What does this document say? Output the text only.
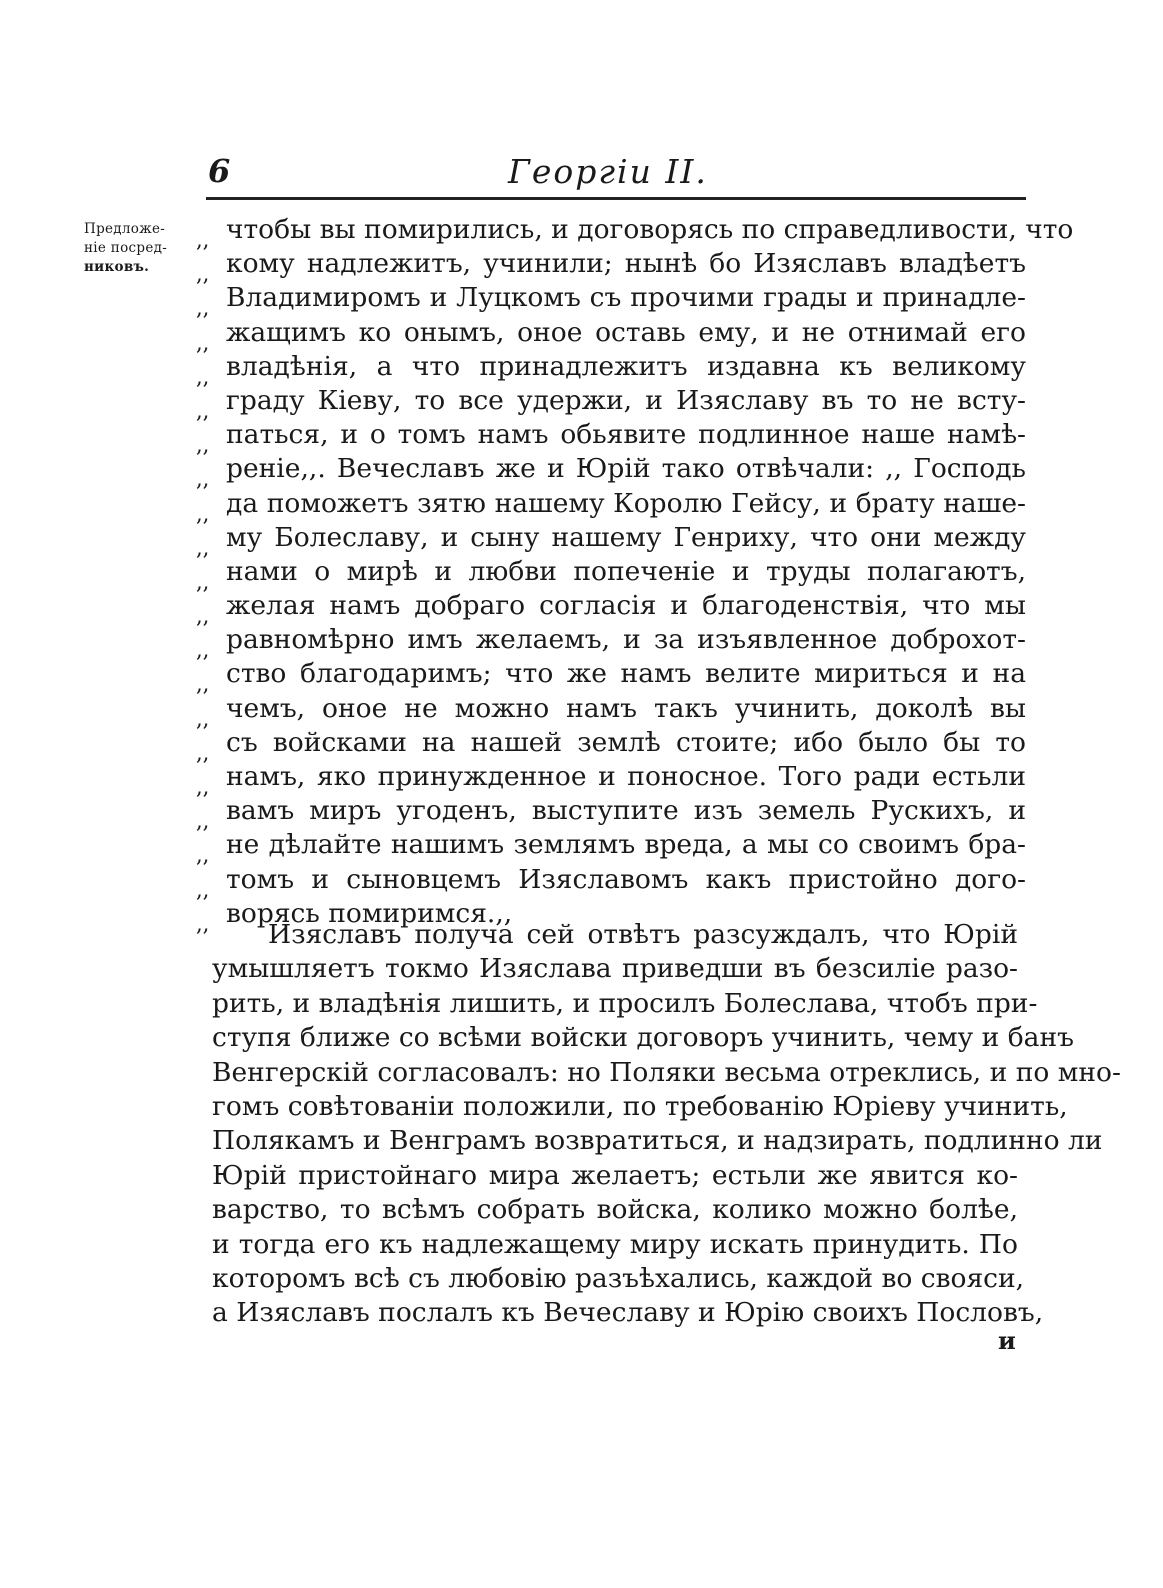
6	Георгіи II.
Предложе-
ніе посред-
никовъ.
,,
,,
,,
,,
,,
,,
,,
,,
,,
,,
,,
,,
,,
,,
,,
,,
,,
,,
,,
,,
,,
чтобы вы помирились, и договорясь по справедливости, что
кому надлежитъ, учинили; нынѣ бо Изяславъ владѣетъ
Владимиромъ и Луцкомъ съ прочими грады и принадле-
жащимъ ко онымъ, оное оставь ему, и не отнимай его
владѣнія, а что принадлежитъ издавна къ великому
граду Кіеву, то все удержи, и Изяславу въ то не всту-
паться, и о томъ намъ обьявите подлинное наше намѣ-
реніе,,. Вечеславъ же и Юрій тако отвѣчали: ,, Господь
да поможетъ зятю нашему Королю Гейсу, и брату наше-
му Болеславу, и сыну нашему Генриху, что они между
нами о мирѣ и любви попеченіе и труды полагаютъ,
желая намъ добраго согласія и благоденствія, что мы
равномѣрно имъ желаемъ, и за изъявленное доброхот-
ство благодаримъ; что же намъ велите мириться и на
чемъ, оное не можно намъ такъ учинить, доколѣ вы
съ войсками на нашей землѣ стоите; ибо было бы то
намъ, яко принужденное и поносное. Того ради естьли
вамъ миръ угоденъ, выступите изъ земель Рускихъ, и
не дѣлайте нашимъ землямъ вреда, а мы со своимъ бра-
томъ и сыновцемъ Изяславомъ какъ пристойно дого-
ворясь помиримся.,,
Изяславъ получа сей отвѣтъ разсуждалъ, что Юрій
умышляетъ токмо Изяслава приведши въ безсиліе разо-
рить, и владѣнія лишить, и просилъ Болеслава, чтобъ при-
ступя ближе со всѣми войски договоръ учинить, чему и банъ
Венгерскій согласовалъ: но Поляки весьма отреклись, и по мно-
гомъ совѣтованіи положили, по требованію Юріеву учинить,
Полякамъ и Венграмъ возвратиться, и надзирать, подлинно ли
Юрій пристойнаго мира желаетъ; естьли же явится ко-
варство, то всѣмъ собрать войска, колико можно болѣе,
и тогда его къ надлежащему миру искать принудить. По
которомъ всѣ съ любовію разъѣхались, каждой во свояси,
а Изяславъ послалъ къ Вечеславу и Юрію своихъ Пословъ,
и
